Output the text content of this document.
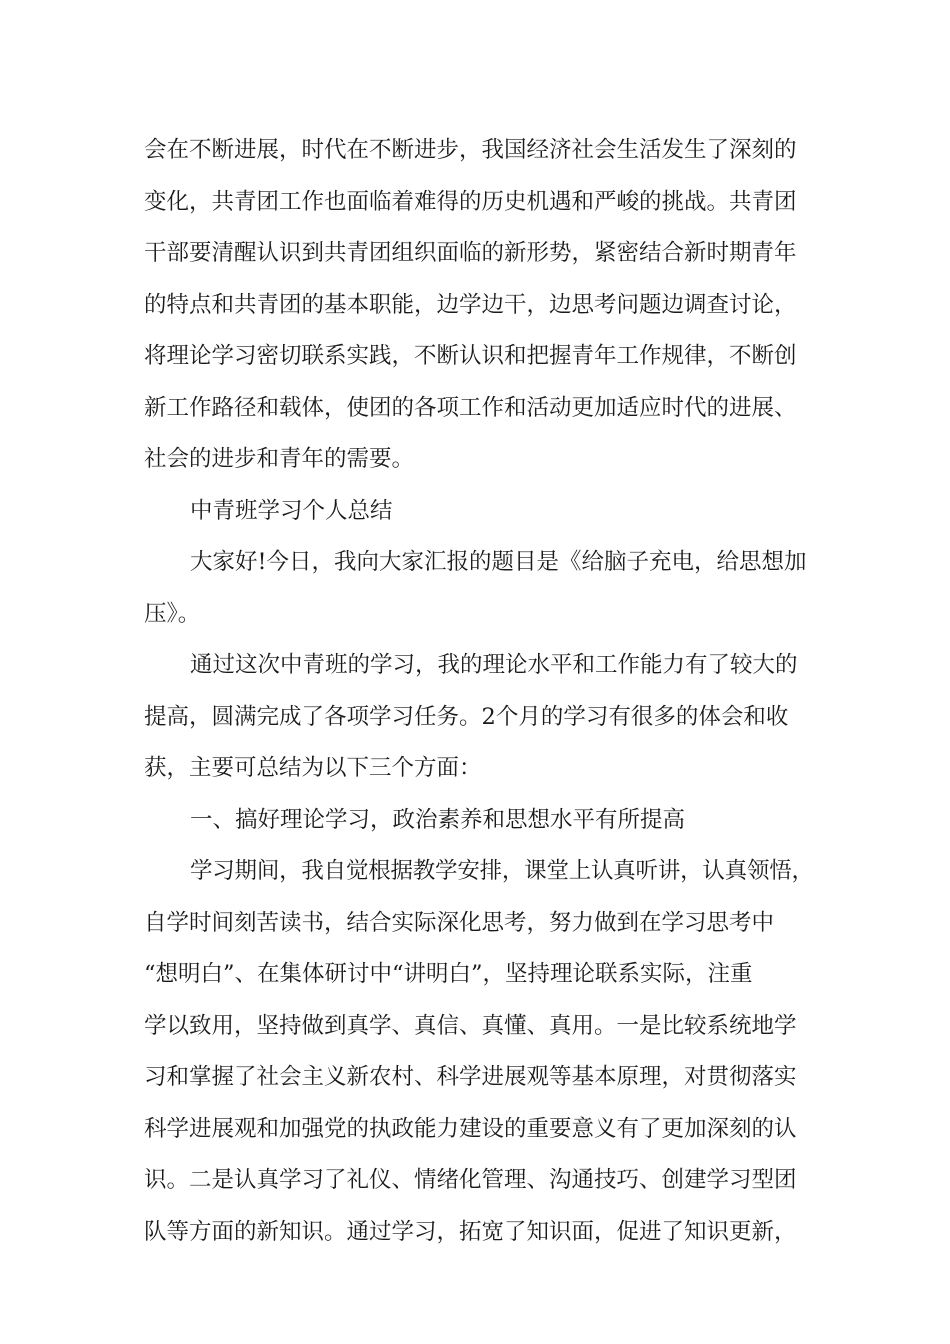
会在不断进展，时代在不断进步，我国经济社会生活发生了深刻的
变化，共青团工作也面临着难得的历史机遇和严峻的挑战。共青团
干部要清醒认识到共青团组织面临的新形势，紧密结合新时期青年
的特点和共青团的基本职能，边学边干，边思考问题边调查讨论，
将理论学习密切联系实践，不断认识和把握青年工作规律，不断创
新工作路径和载体，使团的各项工作和活动更加适应时代的进展、
社会的进步和青年的需要。
中青班学习个人总结
大家好!今日，我向大家汇报的题目是《给脑子充电，给思想加
压》。
通过这次中青班的学习，我的理论水平和工作能力有了较大的
提高，圆满完成了各项学习任务。2个月的学习有很多的体会和收
获，主要可总结为以下三个方面：
一、搞好理论学习，政治素养和思想水平有所提高
学习期间，我自觉根据教学安排，课堂上认真听讲，认真领悟，
自学时间刻苦读书，结合实际深化思考，努力做到在学习思考中
“想明白”、在集体研讨中“讲明白”，坚持理论联系实际，注重
学以致用，坚持做到真学、真信、真懂、真用。一是比较系统地学
习和掌握了社会主义新农村、科学进展观等基本原理，对贯彻落实
科学进展观和加强党的执政能力建设的重要意义有了更加深刻的认
识。二是认真学习了礼仪、情绪化管理、沟通技巧、创建学习型团
队等方面的新知识。通过学习，拓宽了知识面，促进了知识更新，
